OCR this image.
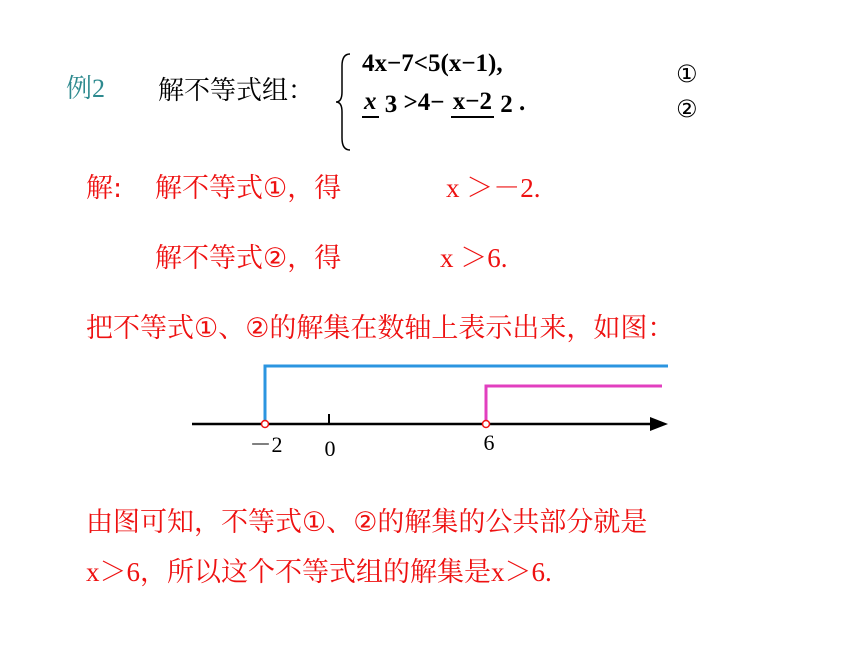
例2 解不等式组：
4x−7<5(x−1),
x 3 >4− x−2 2 .
①
②
解: 解不等式①，得	x ＞－2.
解不等式②，得	x ＞6.
把不等式①、②的解集在数轴上表示出来，如图：
－2 0	6
由图可知，不等式①、②的解集的公共部分就是
x＞6，所以这个不等式组的解集是x＞6.
